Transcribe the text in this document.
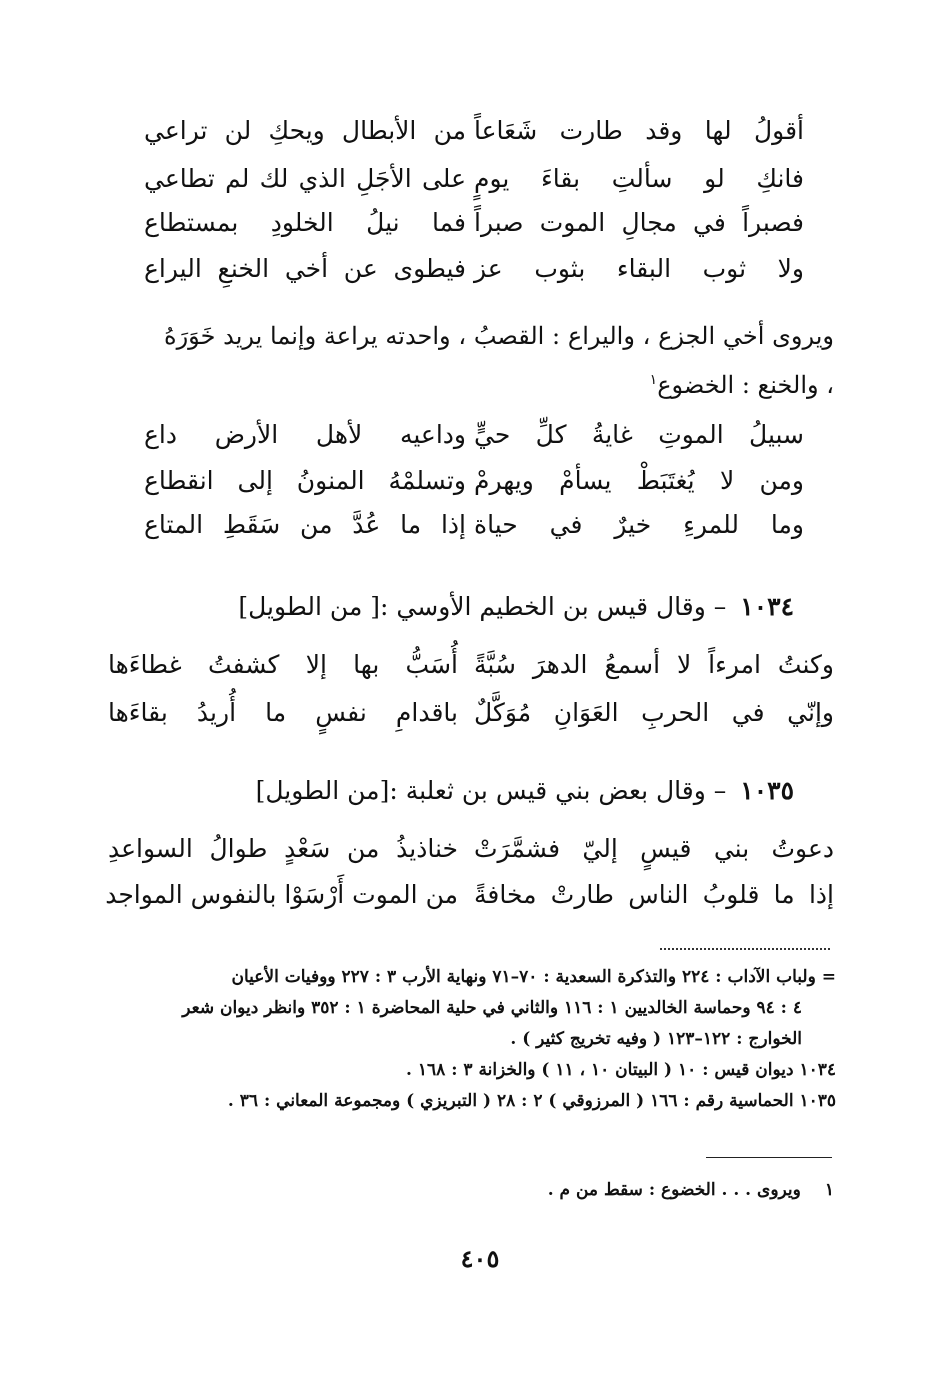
أقولُ لها وقد طارت شَعَاعاً
من الأبطال ويحكِ لن تراعي
فانكِ لو سألتِ بقاءَ يومٍ
على الأجَلِ الذي لك لم تطاعي
فصبراً في مجالِ الموت صبراً
فما نيلُ الخلودِ بمستطاع
ولا ثوب البقاء بثوب عز
فيطوى عن أخي الخنعِ اليراع
ويروى أخي الجزع ، واليراع : القصبُ ، واحدته يراعة وإنما يريد خَوَرَهُ ، والخنع : الخضوع$^١$
سبيلُ الموتِ غايةُ كلِّ حيٍّ
وداعيه لأهل الأرض داع
ومن لا يُغتَبَطْ يسأمْ ويهرمْ
وتسلمْهُ المنونُ إلى انقطاع
وما للمرءِ خيرٌ في حياة
إذا ما عُدَّ من سَقَطِ المتاع
١٠٣٤– وقال قيس بن الخطيم الأوسي :[ من الطويل]
وكنتُ امرءاً لا أسمعُ الدهرَ سُبَّةً
أُسَبُّ بها إلا كشفتُ غطاءَها
وإنّي في الحربِ العَوَانِ مُوَكَّلٌ
باقدامِ نفسٍ ما أُريدُ بقاءَها
١٠٣٥– وقال بعض بني قيس بن ثعلبة :[من الطويل]
دعوتُ بني قيسٍ إليّ فشمَّرَتْ
خناذيذُ من سَعْدٍ طوالُ السواعدِ
إذا ما قلوبُ الناس طارتْ مخافةً
من الموت أَرْسَوْا بالنفوس المواجد
= ولباب الآداب : ٢٢٤ والتذكرة السعدية : ٧٠–٧١ ونهاية الأرب ٣ : ٢٢٧ ووفيات الأعيان
٤ : ٩٤ وحماسة الخالديين ١ : ١١٦ والثاني في حلية المحاضرة ١ : ٣٥٢ وانظر ديوان شعر
الخوارج : ١٢٢–١٢٣ ( وفيه تخريج كثير ) .
١٠٣٤ ديوان قيس : ١٠ ( البيتان ١٠ ، ١١ ) والخزانة ٣ : ١٦٨ .
١٠٣٥ الحماسية رقم : ١٦٦ ( المرزوقي ) ٢ : ٢٨ ( التبريزي ) ومجموعة المعاني : ٣٦ .
١ويروى . . . الخضوع : سقط من م .
٤٠٥
